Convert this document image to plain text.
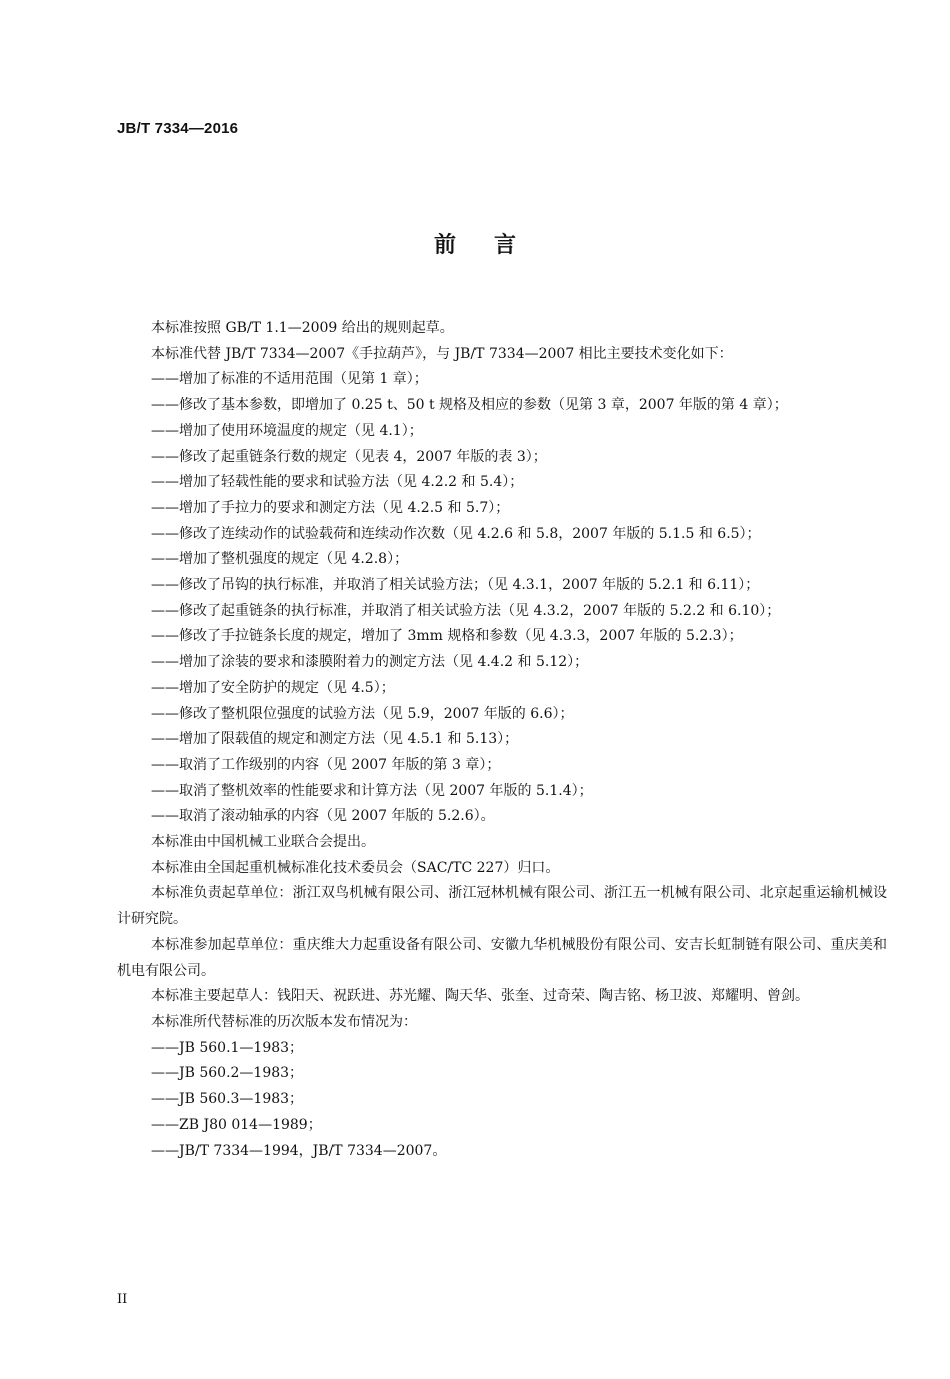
JB/T 7334—2016
前言
本标准按照 GB/T 1.1—2009 给出的规则起草。
本标准代替 JB/T 7334—2007《手拉葫芦》，与 JB/T 7334—2007 相比主要技术变化如下：
——增加了标准的不适用范围（见第 1 章）；
——修改了基本参数，即增加了 0.25 t、50 t 规格及相应的参数（见第 3 章，2007 年版的第 4 章）；
——增加了使用环境温度的规定（见 4.1）；
——修改了起重链条行数的规定（见表 4，2007 年版的表 3）；
——增加了轻载性能的要求和试验方法（见 4.2.2 和 5.4）；
——增加了手拉力的要求和测定方法（见 4.2.5 和 5.7）；
——修改了连续动作的试验载荷和连续动作次数（见 4.2.6 和 5.8，2007 年版的 5.1.5 和 6.5）；
——增加了整机强度的规定（见 4.2.8）；
——修改了吊钩的执行标准，并取消了相关试验方法；（见 4.3.1，2007 年版的 5.2.1 和 6.11）；
——修改了起重链条的执行标准，并取消了相关试验方法（见 4.3.2，2007 年版的 5.2.2 和 6.10）；
——修改了手拉链条长度的规定，增加了 3mm 规格和参数（见 4.3.3，2007 年版的 5.2.3）；
——增加了涂装的要求和漆膜附着力的测定方法（见 4.4.2 和 5.12）；
——增加了安全防护的规定（见 4.5）；
——修改了整机限位强度的试验方法（见 5.9，2007 年版的 6.6）；
——增加了限载值的规定和测定方法（见 4.5.1 和 5.13）；
——取消了工作级别的内容（见 2007 年版的第 3 章）；
——取消了整机效率的性能要求和计算方法（见 2007 年版的 5.1.4）；
——取消了滚动轴承的内容（见 2007 年版的 5.2.6）。
本标准由中国机械工业联合会提出。
本标准由全国起重机械标准化技术委员会（SAC/TC 227）归口。
本标准负责起草单位：浙江双鸟机械有限公司、浙江冠林机械有限公司、浙江五一机械有限公司、北京起重运输机械设计研究院。
本标准参加起草单位：重庆维大力起重设备有限公司、安徽九华机械股份有限公司、安吉长虹制链有限公司、重庆美和机电有限公司。
本标准主要起草人：钱阳天、祝跃进、苏光耀、陶天华、张奎、过奇荣、陶吉铭、杨卫波、郑耀明、曾剑。
本标准所代替标准的历次版本发布情况为：
——JB 560.1—1983；
——JB 560.2—1983；
——JB 560.3—1983；
——ZB J80 014—1989；
——JB/T 7334—1994，JB/T 7334—2007。
II
